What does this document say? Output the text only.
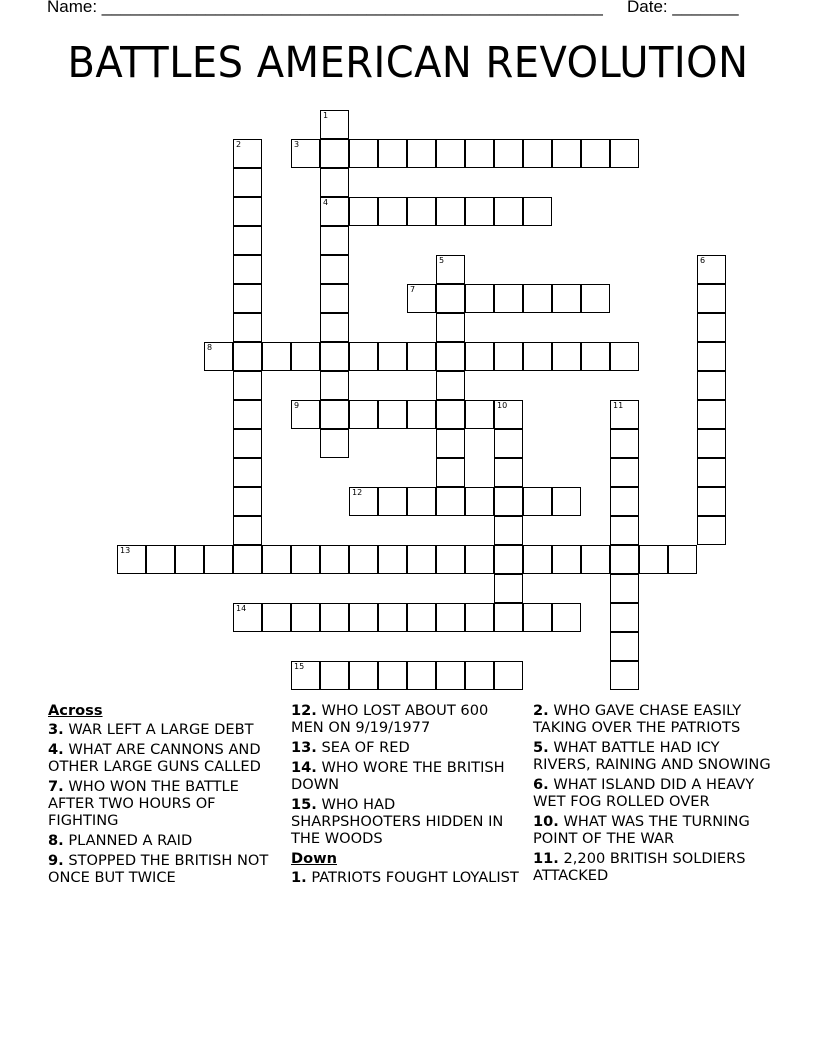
Name: _____________________________________________________ Date: _______
BATTLES AMERICAN REVOLUTION
1
4
2	3
5	6
7
8
9	10	11
12
13
14
15
Across
3. WAR LEFT A LARGE DEBT
4. WHAT ARE CANNONS AND OTHER LARGE GUNS CALLED
7. WHO WON THE BATTLE AFTER TWO HOURS OF FIGHTING
8. PLANNED A RAID
9. STOPPED THE BRITISH NOT ONCE BUT TWICE
12. WHO LOST ABOUT 600 MEN ON 9/19/1977
13. SEA OF RED
14. WHO WORE THE BRITISH DOWN
15. WHO HAD SHARPSHOOTERS HIDDEN IN THE WOODS
Down
1. PATRIOTS FOUGHT LOYALIST
2. WHO GAVE CHASE EASILY TAKING OVER THE PATRIOTS
5. WHAT BATTLE HAD ICY RIVERS, RAINING AND SNOWING
6. WHAT ISLAND DID A HEAVY WET FOG ROLLED OVER
10. WHAT WAS THE TURNING POINT OF THE WAR
11. 2,200 BRITISH SOLDIERS ATTACKED
